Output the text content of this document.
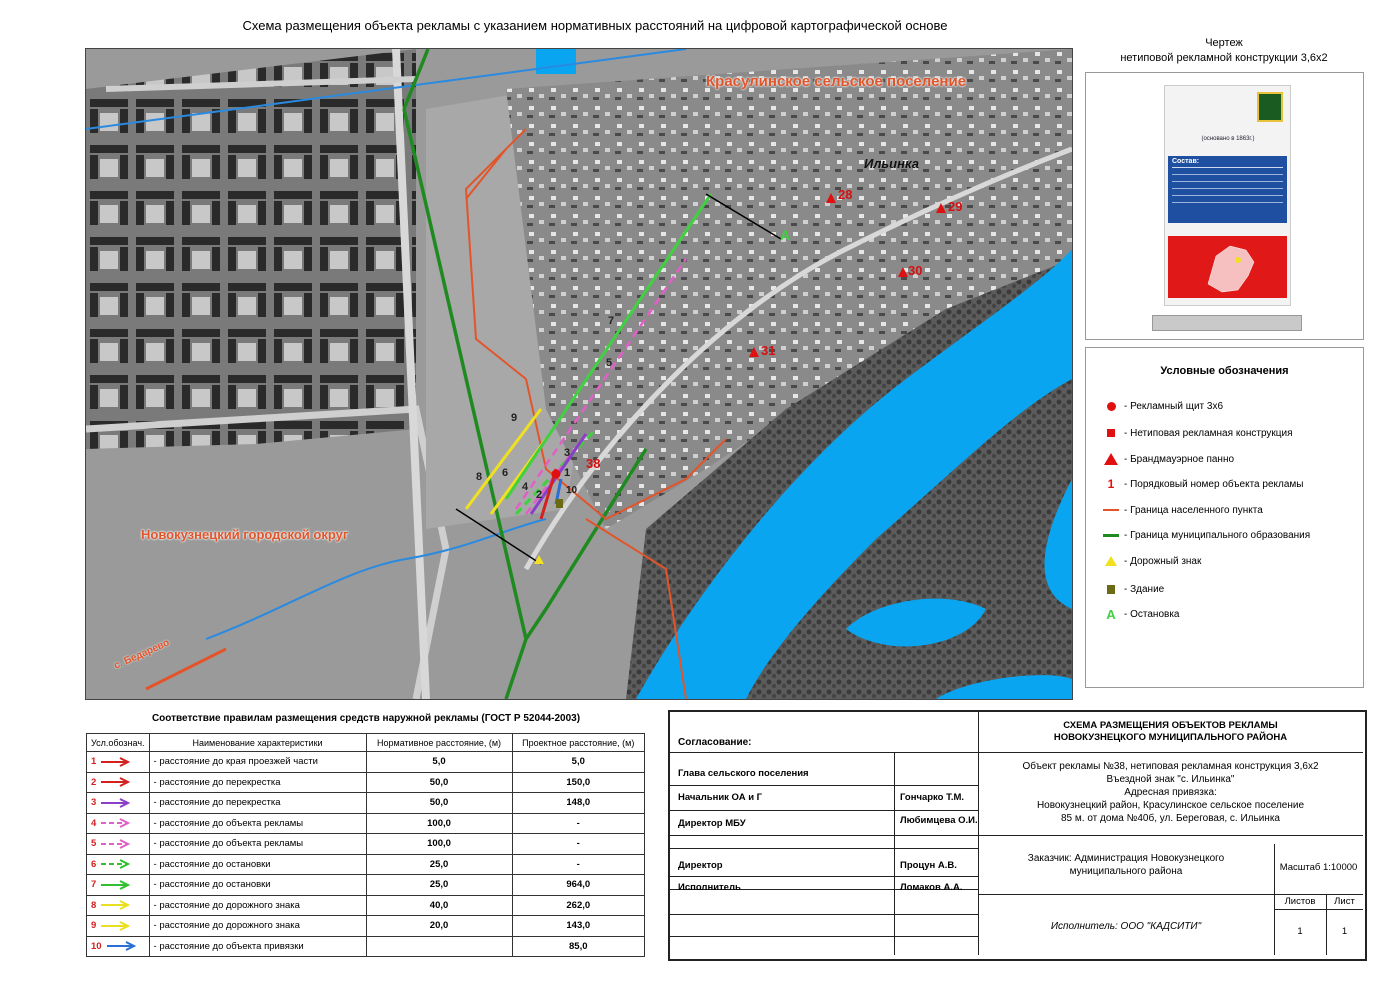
Схема размещения объекта рекламы с указанием нормативных расстояний на цифровой картографической основе
Красулинское сельское поселение
Новокузнецкий городской округ
Ильинка
с. Бедарево
28
29
30
31
38
A
8
9
6
4
2
1
3
10
5
7
Чертеж
нетиповой рекламной конструкции 3,6х2
(основано в 1863г.)
Состав:
Условные обозначения
- Рекламный щит 3х6
- Нетиповая рекламная конструкция
- Брандмауэрное панно
1 - Порядковый номер объекта рекламы
- Граница населенного пункта
- Граница муниципального образования
- Дорожный знак
- Здание
A - Остановка
Соответствие правилам размещения средств наружной рекламы (ГОСТ Р 52044-2003)
Усл.обознач.	Наименование характеристики	Нормативное расстояние, (м)	Проектное расстояние, (м)
1	- расстояние до края проезжей части	5,0	5,0
2	- расстояние до перекрестка	50,0	150,0
3	- расстояние до перекрестка	50,0	148,0
4	- расстояние до объекта рекламы	100,0	-
5	- расстояние до объекта рекламы	100,0	-
6	- расстояние до остановки	25,0	-
7	- расстояние до остановки	25,0	964,0
8	- расстояние до дорожного знака	40,0	262,0
9	- расстояние до дорожного знака	20,0	143,0
10	- расстояние до объекта привязки		85,0
Согласование:
Глава сельского поселения
Начальник ОА и Г	Гончарко Т.М.
Директор МБУ	Любимцева О.И.
Директор	Процун А.В.
Исполнитель	Ломаков А.А.
СХЕМА РАЗМЕЩЕНИЯ ОБЪЕКТОВ РЕКЛАМЫ
НОВОКУЗНЕЦКОГО МУНИЦИПАЛЬНОГО РАЙОНА
Объект рекламы №38, нетиповая рекламная конструкция 3,6х2
Въездной знак "с. Ильинка"
Адресная привязка:
Новокузнецкий район, Красулинское сельское поселение
85 м. от дома №40б, ул. Береговая, с. Ильинка
Заказчик: Администрация Новокузнецкого
муниципального района	Масштаб 1:10000
Исполнитель: ООО "КАДСИТИ"
Листов	Лист
1	1
